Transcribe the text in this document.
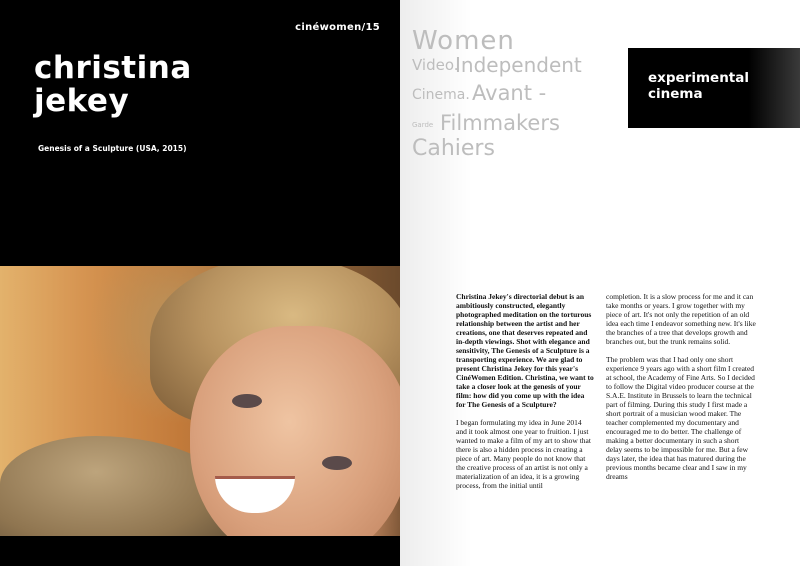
cinéwomen/15
christina
jekey
Genesis of a Sculpture (USA, 2015)
Women
Video.
Independent
Cinema. Avant -
Garde Filmmakers
Cahiers
experimental
cinema

Christina Jekey's directorial debut is an ambitiously constructed, elegantly photographed meditation on the torturous relationship between the artist and her creations, one that deserves repeated and in-depth viewings. Shot with elegance and sensitivity, The Genesis of a Sculpture is a transporting experience. We are glad to present Christina Jekey for this year's CinéWomen Edition. Christina, we want to take a closer look at the genesis of your film: how did you come up with the idea for The Genesis of a Sculpture?

I began formulating my idea in June 2014 and it took almost one year to fruition. I just wanted to make a film of my art to show that there is also a hidden process in creating a piece of art. Many people do not know that the creative process of an artist is not only a materialization of an idea, it is a growing process, from the initial until

completion. It is a slow process for me and it can take months or years. I grow together with my piece of art. It's not only the repetition of an old idea each time I endeavor something new. It's like the branches of a tree that develops growth and branches out, but the trunk remains solid.

The problem was that I had only one short experience 9 years ago with a short film I created at school, the Academy of Fine Arts. So I decided to follow the Digital video producer course at the S.A.E. Institute in Brussels to learn the technical part of filming. During this study I first made a short portrait of a musician wood maker. The teacher complemented my documentary and encouraged me to do better. The challenge of making a better documentary in such a short delay seems to be impossible for me. But a few days later, the idea that has matured during the previous months became clear and I saw in my dreams
